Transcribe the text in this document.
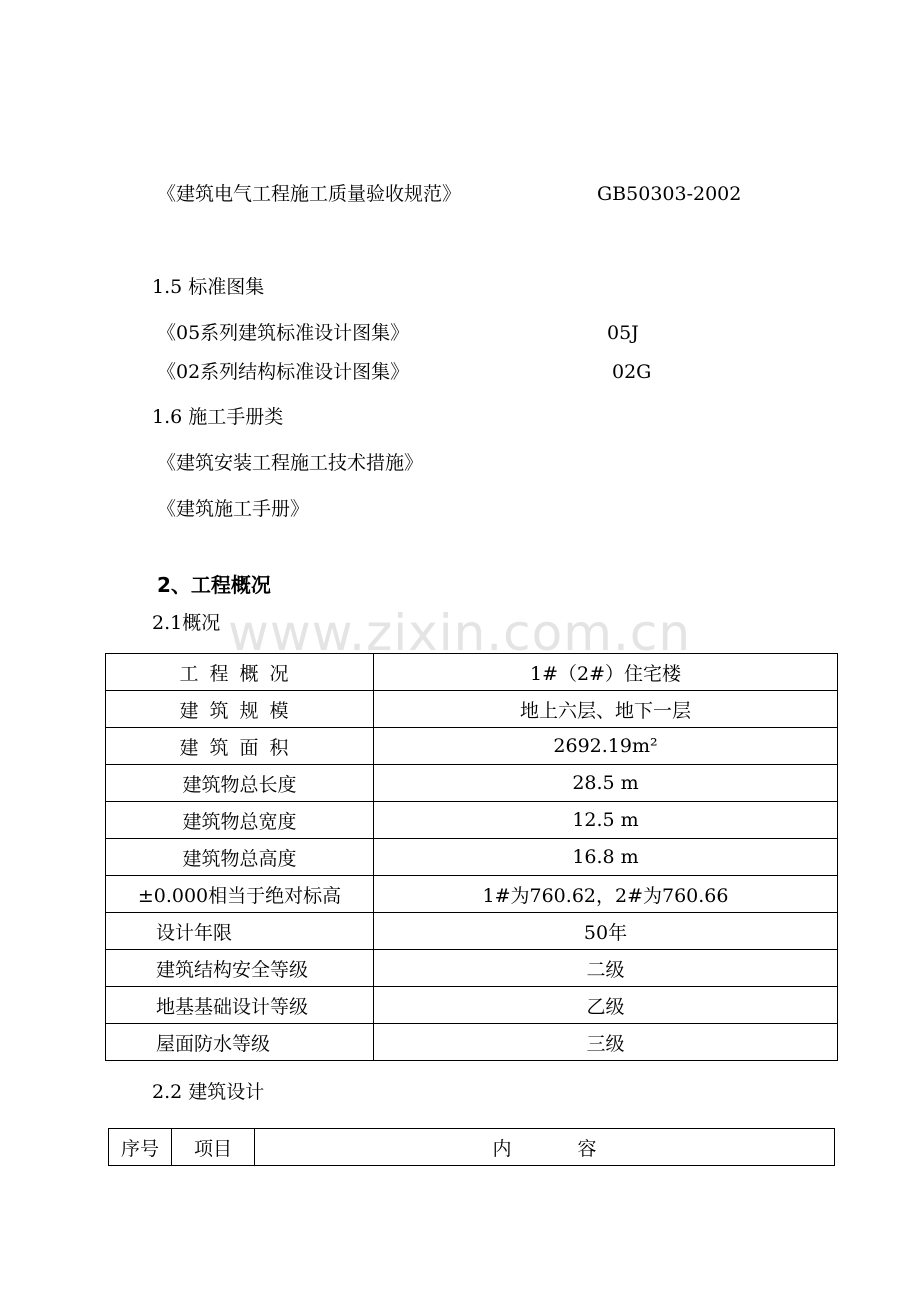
www.zixin.com.cn
《建筑电气工程施工质量验收规范》	GB50303-2002
1.5 标准图集
《05系列建筑标准设计图集》	05J
《02系列结构标准设计图集》	02G
1.6 施工手册类
《建筑安装工程施工技术措施》
《建筑施工手册》
2、工程概况
2.1概况
工程概况	1#（2#）住宅楼
建筑规模	地上六层、地下一层
建筑面积	2692.19m²
建筑物总长度	28.5 m
建筑物总宽度	12.5 m
建筑物总高度	16.8 m
±0.000相当于绝对标高	1#为760.62，2#为760.66
设计年限	50年
建筑结构安全等级	二级
地基基础设计等级	乙级
屋面防水等级	三级
2.2 建筑设计
序号	项目	内 容
